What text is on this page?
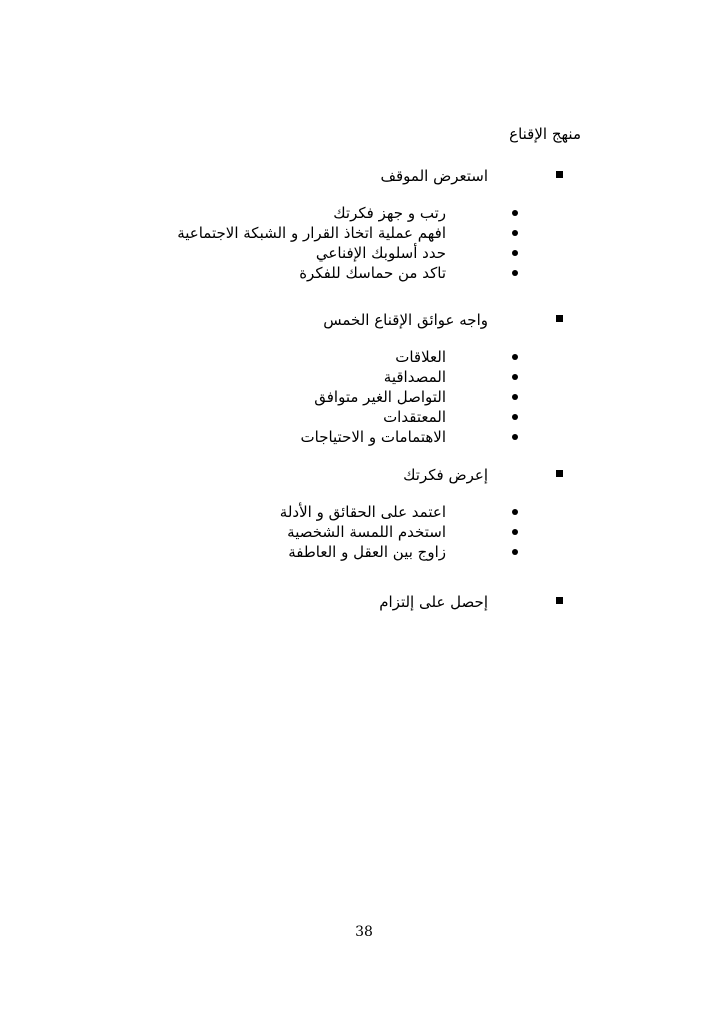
منهج الإقناع
استعرض الموقف
رتب و جهز فكرتك
افهم عملية اتخاذ القرار و الشبكة الاجتماعية
حدد أسلوبك الإفناعي
تاكد من حماسك للفكرة
واجه عوائق الإقناع الخمس
العلاقات
المصداقية
التواصل الغير متوافق
المعتقدات
الاهتمامات و الاحتياجات
إعرض فكرتك
اعتمد على الحقائق و الأدلة
استخدم اللمسة الشخصية
زاوج بين العقل و العاطفة
إحصل على إلتزام
38
